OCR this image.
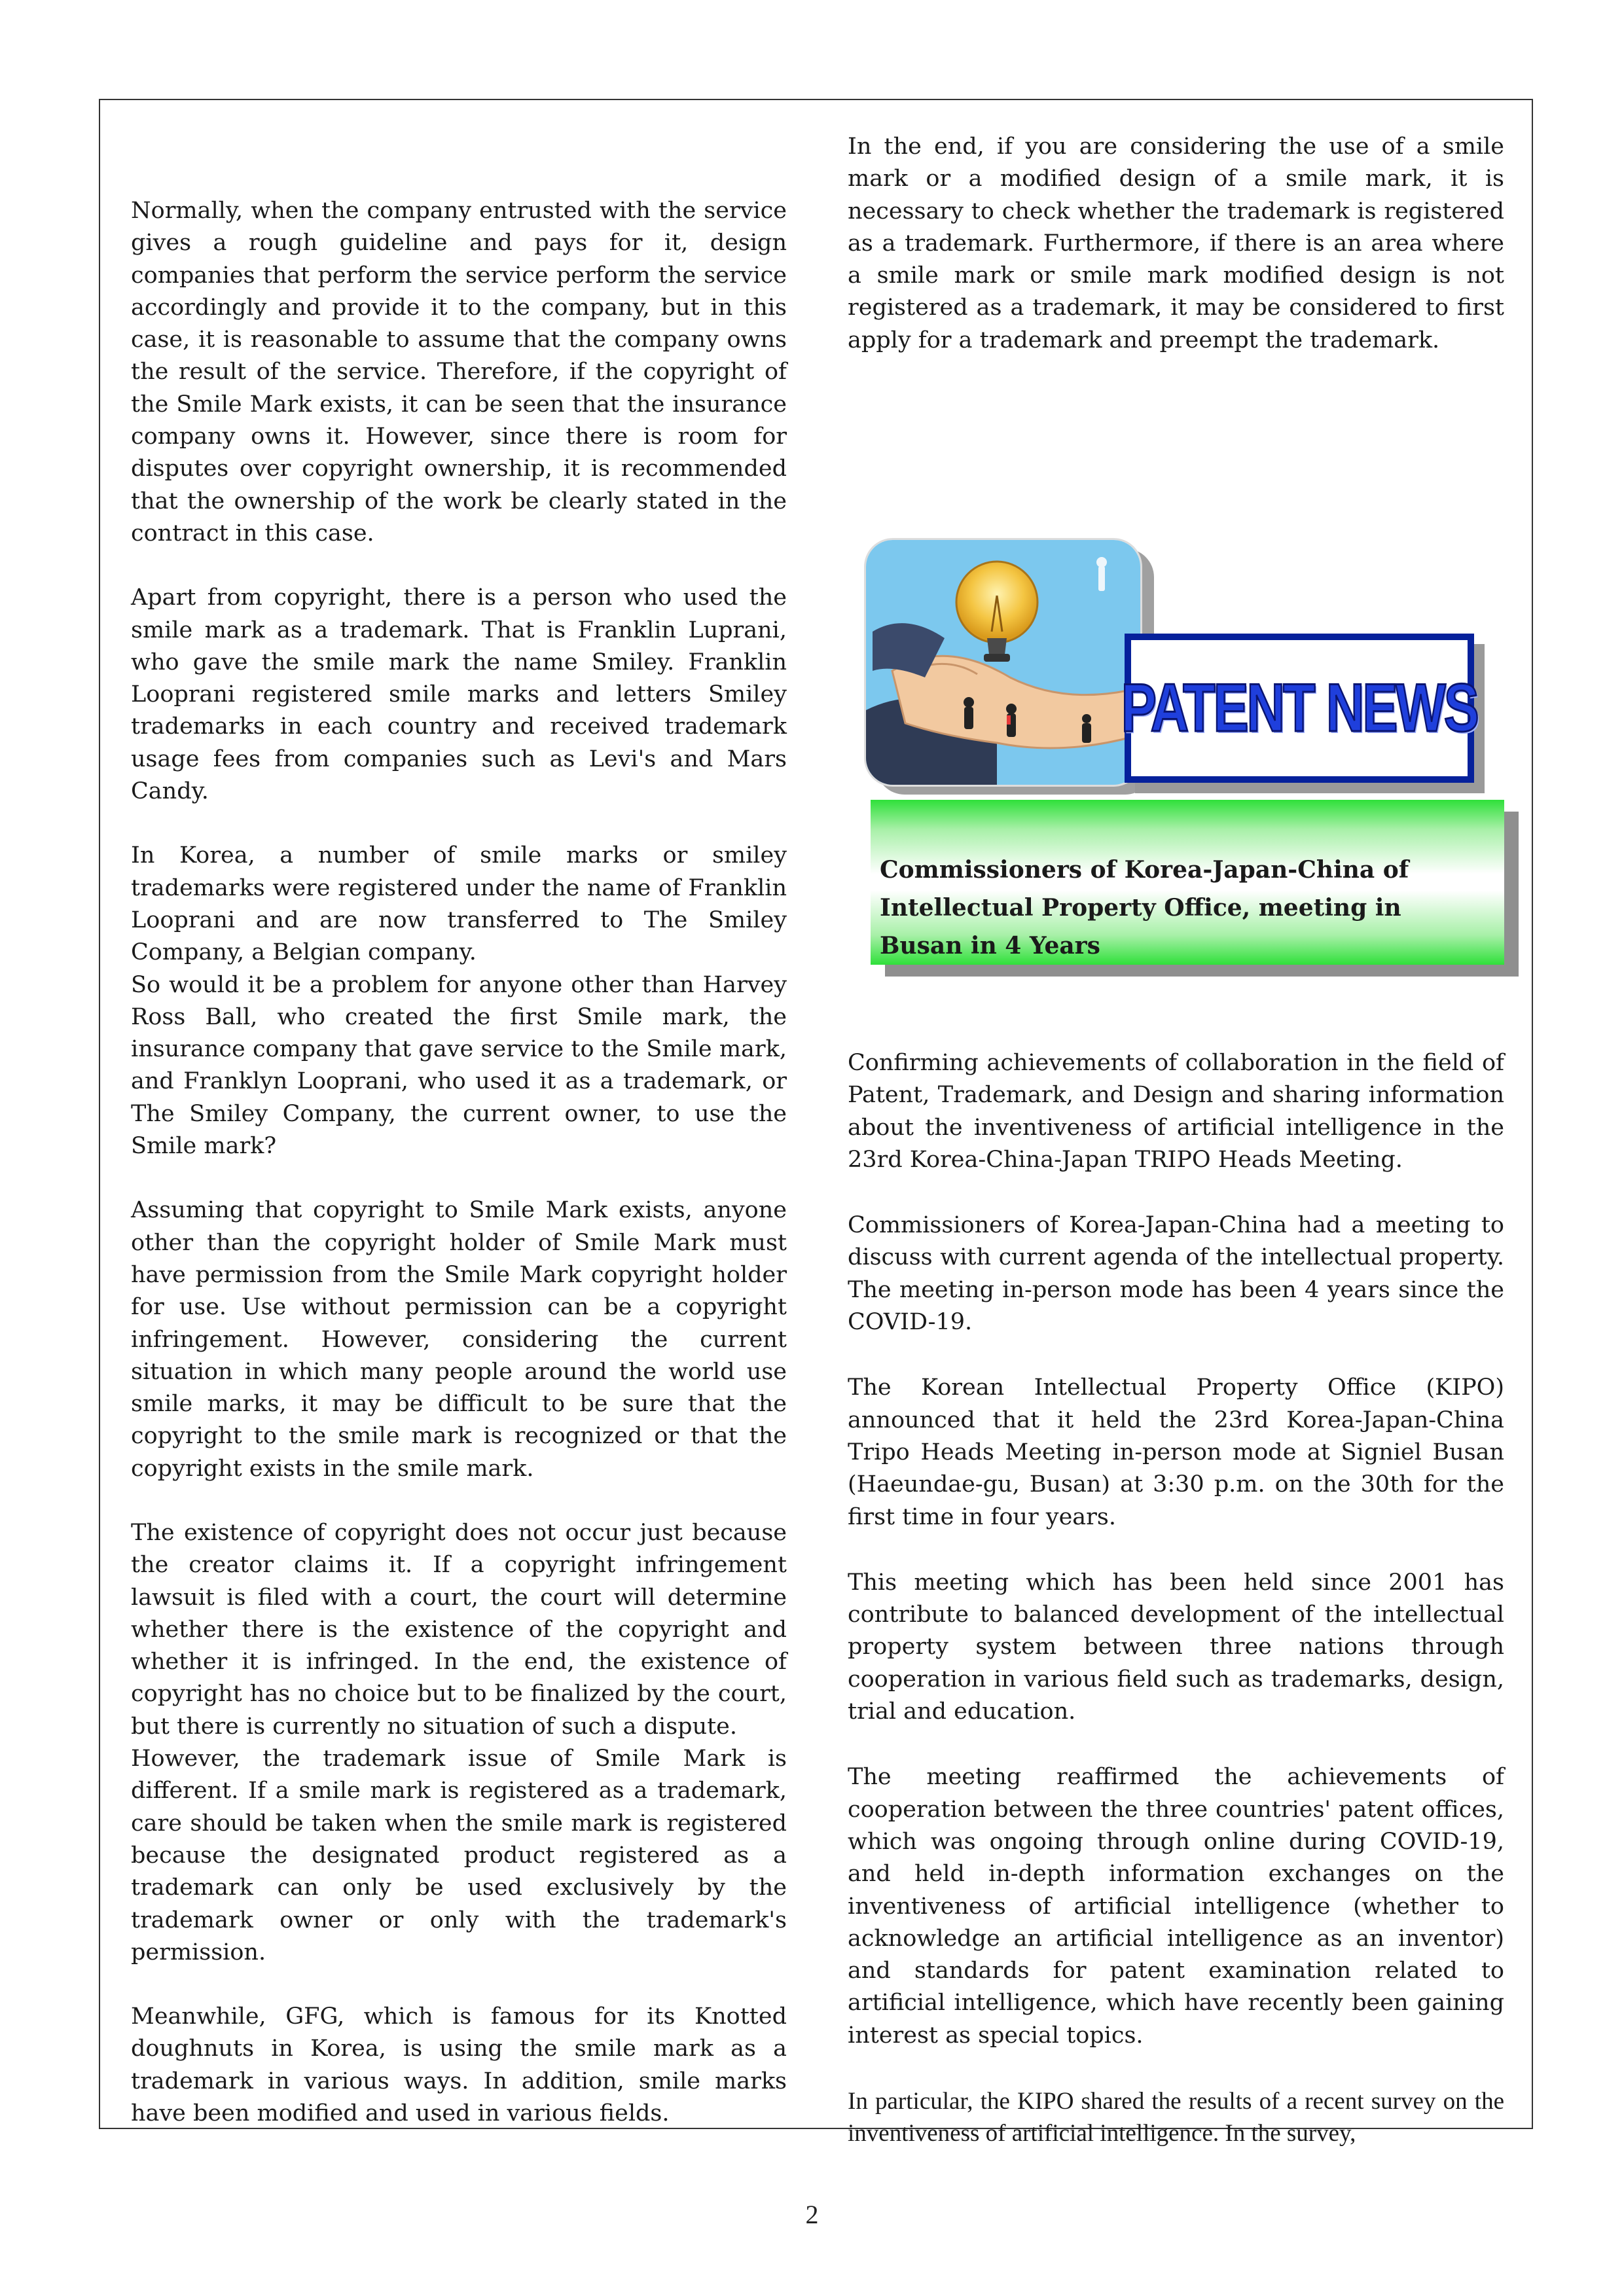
Normally, when the company entrusted with the service gives a rough guideline and pays for it, design companies that perform the service perform the service accordingly and provide it to the company, but in this case, it is reasonable to assume that the company owns the result of the service. Therefore, if the copyright of the Smile Mark exists, it can be seen that the insurance company owns it. However, since there is room for disputes over copyright ownership, it is recommended that the ownership of the work be clearly stated in the contract in this case.

Apart from copyright, there is a person who used the smile mark as a trademark. That is Franklin Luprani, who gave the smile mark the name Smiley. Franklin Looprani registered smile marks and letters Smiley trademarks in each country and received trademark usage fees from companies such as Levi's and Mars Candy.

In Korea, a number of smile marks or smiley trademarks were registered under the name of Franklin Looprani and are now transferred to The Smiley Company, a Belgian company.

So would it be a problem for anyone other than Harvey Ross Ball, who created the first Smile mark, the insurance company that gave service to the Smile mark, and Franklyn Looprani, who used it as a trademark, or The Smiley Company, the current owner, to use the Smile mark?

Assuming that copyright to Smile Mark exists, anyone other than the copyright holder of Smile Mark must have permission from the Smile Mark copyright holder for use. Use without permission can be a copyright infringement. However, considering the current situation in which many people around the world use smile marks, it may be difficult to be sure that the copyright to the smile mark is recognized or that the copyright exists in the smile mark.

The existence of copyright does not occur just because the creator claims it. If a copyright infringement lawsuit is filed with a court, the court will determine whether there is the existence of the copyright and whether it is infringed. In the end, the existence of copyright has no choice but to be finalized by the court, but there is currently no situation of such a dispute.

However, the trademark issue of Smile Mark is different. If a smile mark is registered as a trademark, care should be taken when the smile mark is registered because the designated product registered as a trademark can only be used exclusively by the trademark owner or only with the trademark's permission.

Meanwhile, GFG, which is famous for its Knotted doughnuts in Korea, is using the smile mark as a trademark in various ways. In addition, smile marks have been modified and used in various fields.

In the end, if you are considering the use of a smile mark or a modified design of a smile mark, it is necessary to check whether the trademark is registered as a trademark. Furthermore, if there is an area where a smile mark or smile mark modified design is not registered as a trademark, it may be considered to first apply for a trademark and preempt the trademark.

PATENT NEWS
Commissioners of Korea-Japan-China of Intellectual Property Office, meeting in Busan in 4 Years

Confirming achievements of collaboration in the field of Patent, Trademark, and Design and sharing information about the inventiveness of artificial intelligence in the 23rd Korea-China-Japan TRIPO Heads Meeting.

Commissioners of Korea-Japan-China had a meeting to discuss with current agenda of the intellectual property. The meeting in-person mode has been 4 years since the COVID-19.

The Korean Intellectual Property Office (KIPO) announced that it held the 23rd Korea-Japan-China Tripo Heads Meeting in-person mode at Signiel Busan (Haeundae-gu, Busan) at 3:30 p.m. on the 30th for the first time in four years.

This meeting which has been held since 2001 has contribute to balanced development of the intellectual property system between three nations through cooperation in various field such as trademarks, design, trial and education.

The meeting reaffirmed the achievements of cooperation between the three countries' patent offices, which was ongoing through online during COVID-19, and held in-depth information exchanges on the inventiveness of artificial intelligence (whether to acknowledge an artificial intelligence as an inventor) and standards for patent examination related to artificial intelligence, which have recently been gaining interest as special topics.

In particular, the KIPO shared the results of a recent survey on the inventiveness of artificial intelligence. In the survey,

2
